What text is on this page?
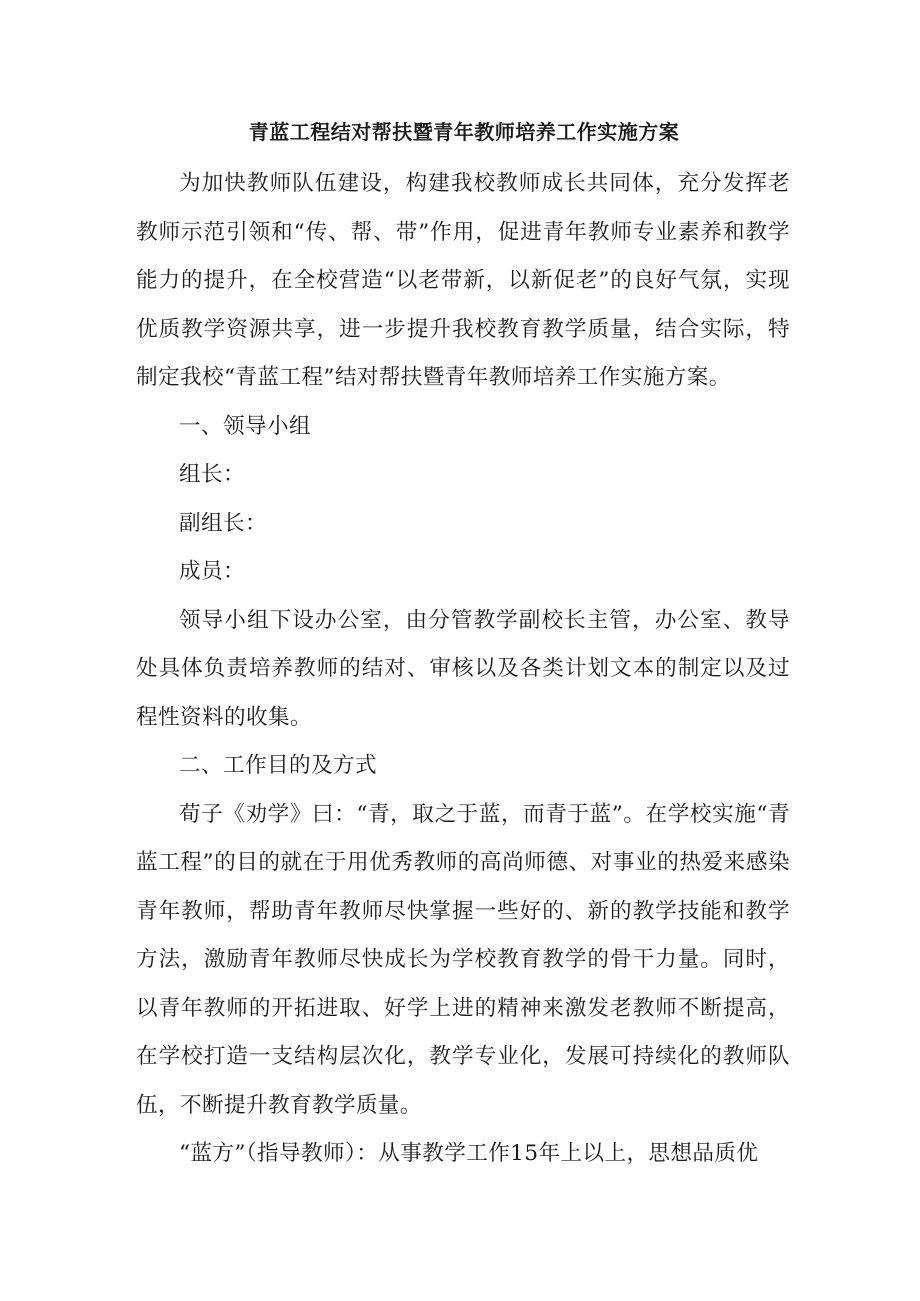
青蓝工程结对帮扶暨青年教师培养工作实施方案

为加快教师队伍建设，构建我校教师成长共同体，充分发挥老教师示范引领和“传、帮、带”作用，促进青年教师专业素养和教学能力的提升，在全校营造“以老带新，以新促老”的良好气氛，实现优质教学资源共享，进一步提升我校教育教学质量，结合实际，特制定我校“青蓝工程”结对帮扶暨青年教师培养工作实施方案。

一、领导小组

组长：

副组长：

成员：

领导小组下设办公室，由分管教学副校长主管，办公室、教导处具体负责培养教师的结对、审核以及各类计划文本的制定以及过程性资料的收集。

二、工作目的及方式

荀子《劝学》曰：“青，取之于蓝，而青于蓝”。在学校实施“青蓝工程”的目的就在于用优秀教师的高尚师德、对事业的热爱来感染青年教师，帮助青年教师尽快掌握一些好的、新的教学技能和教学方法，激励青年教师尽快成长为学校教育教学的骨干力量。同时，以青年教师的开拓进取、好学上进的精神来激发老教师不断提高，在学校打造一支结构层次化，教学专业化，发展可持续化的教师队伍，不断提升教育教学质量。

“蓝方”（指导教师）：从事教学工作15年上以上，思想品质优
